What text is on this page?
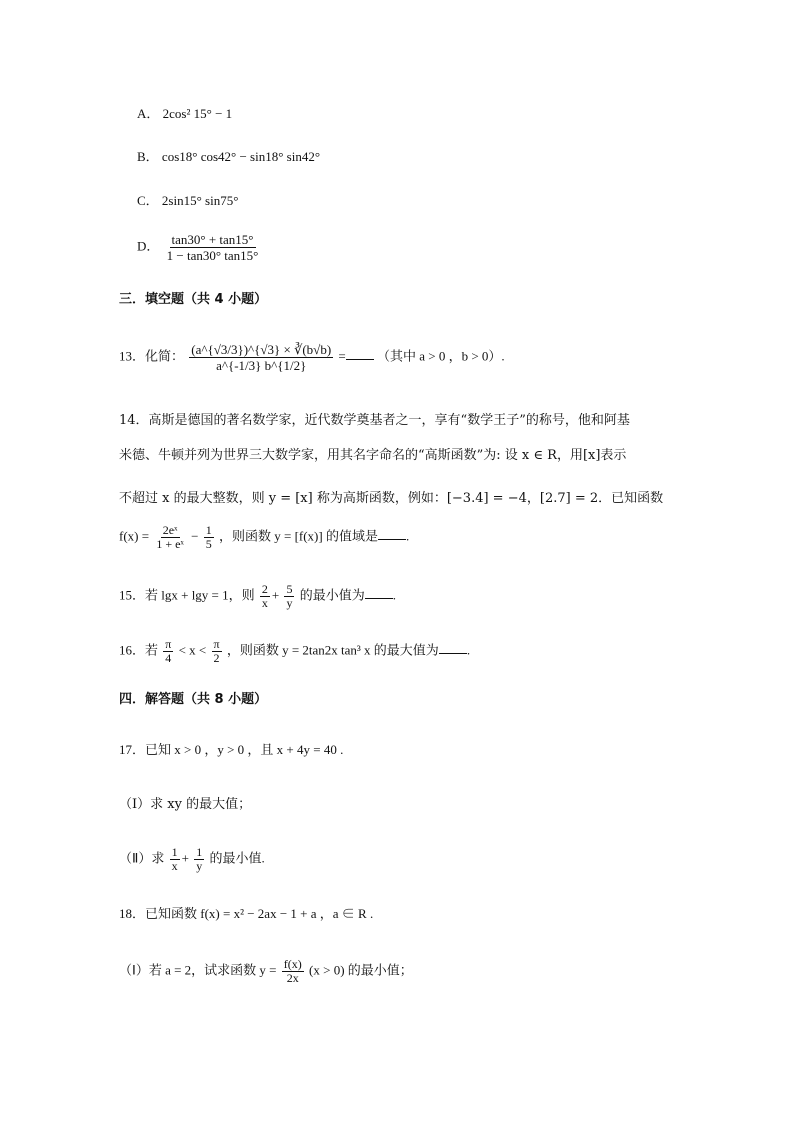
A． 2cos² 15° − 1
B． cos18° cos42° − sin18° sin42°
C． 2sin15° sin75°
D． $\frac{\tan 30^\circ + \tan 15^\circ}{1 - \tan 30^\circ \tan 15^\circ}$
三．填空题（共 4 小题）
13．化简： $\frac{(a\^{}\{√3/3\})\^{}\{√3\} \times ∛(b√b)}{a\^{}\{-1/3\} b\^{}\{1/2\}}$ = （其中 a > 0 ，b > 0）.
14．高斯是德国的著名数学家，近代数学奠基者之一，享有“数学王子”的称号，他和阿基
米德、牛顿并列为世界三大数学家，用其名字命名的“高斯函数”为: 设 x ∈ R，用[x]表示
不超过 x 的最大整数，则 y = [x] 称为高斯函数，例如：[−3.4] = −4，[2.7] = 2．已知函数
$f(x) = \frac{\text{2eˣ}}{\text{1 + eˣ}} - \frac{1}{5}$ ，则函数 y = [f(x)] 的值域是 .
15．若 lgx + lgy = 1，则 $\frac{2}{x} + \frac{5}{y}$ 的最小值为 .
16．若 $\frac{\pi}{4} < x < \frac{\pi}{2}$ ，则函数 y = 2tan2x tan³ x 的最大值为 .
四．解答题（共 8 小题）
17．已知 x > 0 ，y > 0 ，且 x + 4y = 40 .
（Ⅰ）求 xy 的最大值；
（Ⅱ）求 $\frac{1}{x} + \frac{1}{y}$ 的最小值.
18．已知函数 f(x) = x² − 2ax − 1 + a ，a ∈ R .
（Ⅰ）若 a = 2，试求函数 $y = \frac{f(x)}{2x} (x > 0)$ 的最小值；
